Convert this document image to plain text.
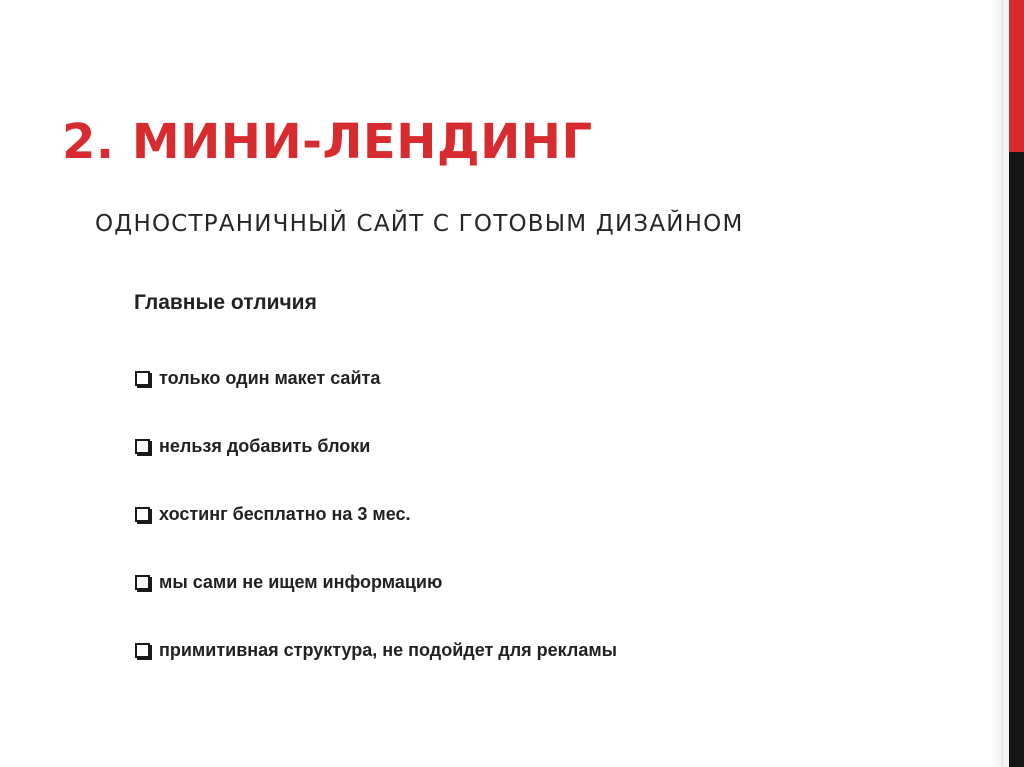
2. МИНИ-ЛЕНДИНГ
ОДНОСТРАНИЧНЫЙ САЙТ С ГОТОВЫМ ДИЗАЙНОМ
Главные отличия
только один макет сайта
нельзя добавить блоки
хостинг бесплатно на 3 мес.
мы сами не ищем информацию
примитивная структура, не подойдет для рекламы
